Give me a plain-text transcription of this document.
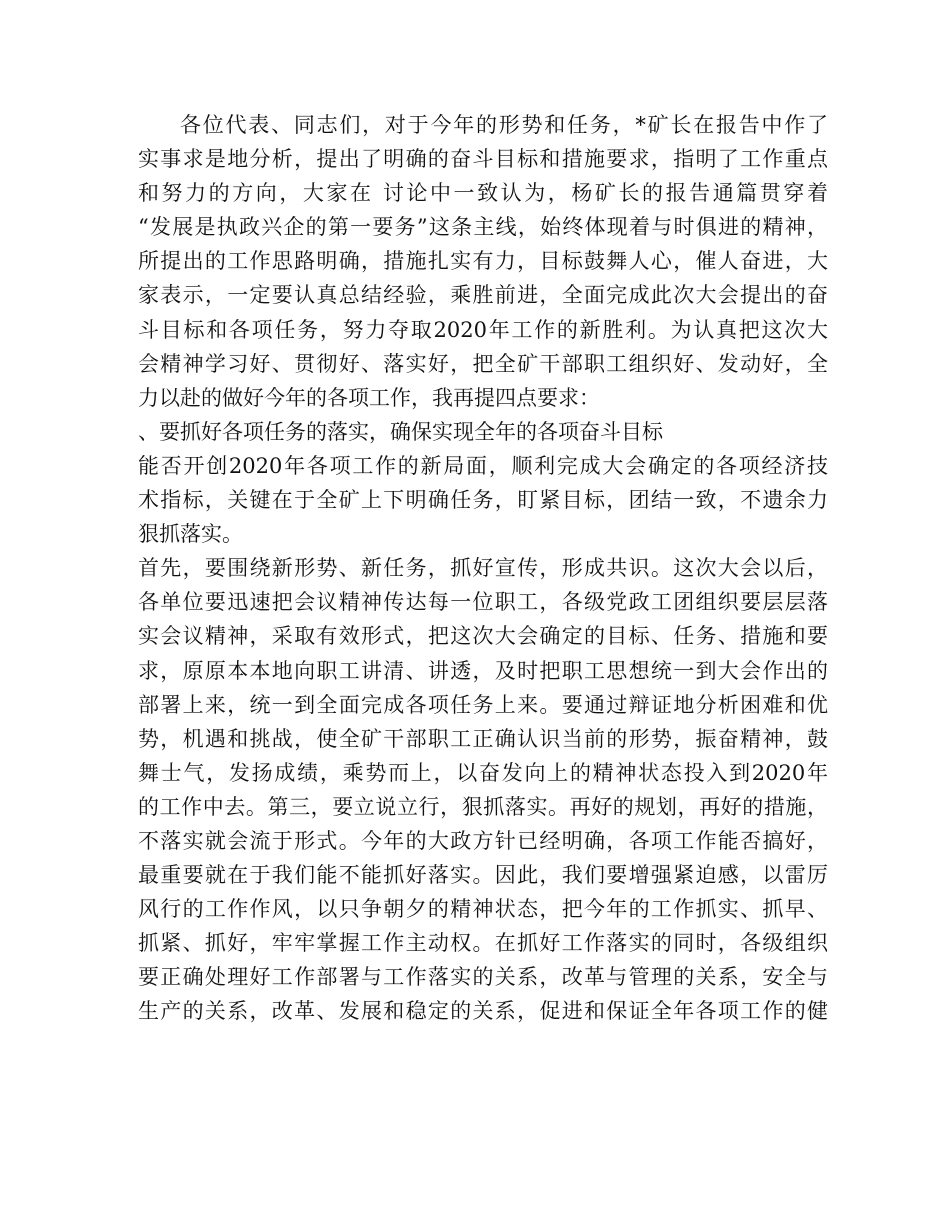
各位代表、同志们，对于今年的形势和任务，*矿长在报告中作了
实事求是地分析，提出了明确的奋斗目标和措施要求，指明了工作重点
和努力的方向，大家在 讨论中一致认为，杨矿长的报告通篇贯穿着
“发展是执政兴企的第一要务”这条主线，始终体现着与时俱进的精神，
所提出的工作思路明确，措施扎实有力，目标鼓舞人心，催人奋进，大
家表示，一定要认真总结经验，乘胜前进，全面完成此次大会提出的奋
斗目标和各项任务，努力夺取2020年工作的新胜利。为认真把这次大
会精神学习好、贯彻好、落实好，把全矿干部职工组织好、发动好，全
力以赴的做好今年的各项工作，我再提四点要求：
、要抓好各项任务的落实，确保实现全年的各项奋斗目标
能否开创2020年各项工作的新局面，顺利完成大会确定的各项经济技
术指标，关键在于全矿上下明确任务，盯紧目标，团结一致，不遗余力
狠抓落实。
首先，要围绕新形势、新任务，抓好宣传，形成共识。这次大会以后，
各单位要迅速把会议精神传达每一位职工，各级党政工团组织要层层落
实会议精神，采取有效形式，把这次大会确定的目标、任务、措施和要
求，原原本本地向职工讲清、讲透，及时把职工思想统一到大会作出的
部署上来，统一到全面完成各项任务上来。要通过辩证地分析困难和优
势，机遇和挑战，使全矿干部职工正确认识当前的形势，振奋精神，鼓
舞士气，发扬成绩，乘势而上，以奋发向上的精神状态投入到2020年
的工作中去。第三，要立说立行，狠抓落实。再好的规划，再好的措施，
不落实就会流于形式。今年的大政方针已经明确，各项工作能否搞好，
最重要就在于我们能不能抓好落实。因此，我们要增强紧迫感，以雷厉
风行的工作作风，以只争朝夕的精神状态，把今年的工作抓实、抓早、
抓紧、抓好，牢牢掌握工作主动权。在抓好工作落实的同时，各级组织
要正确处理好工作部署与工作落实的关系，改革与管理的关系，安全与
生产的关系，改革、发展和稳定的关系，促进和保证全年各项工作的健
